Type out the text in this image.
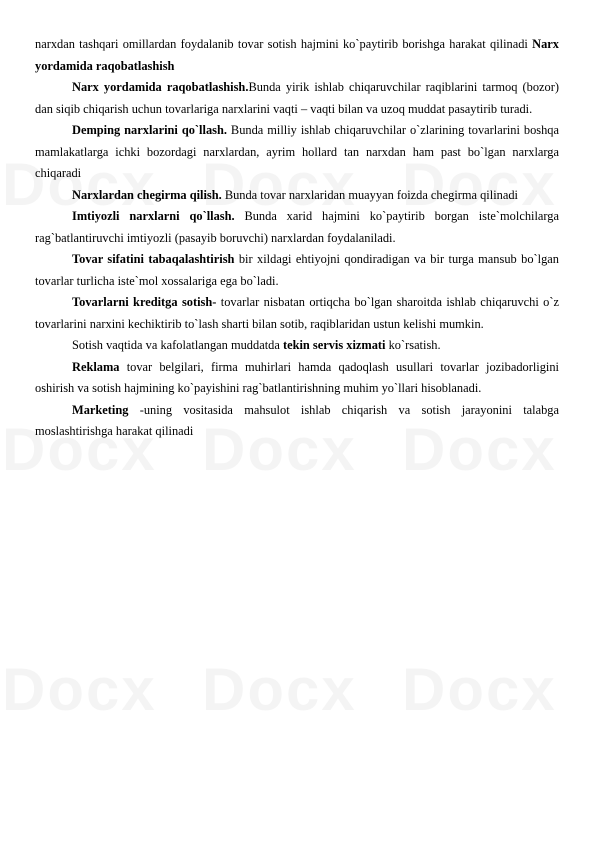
narxdan tashqari omillardan foydalanib tovar sotish hajmini ko`paytirib borishga harakat qilinadi Narx yordamida raqobatlashish

Narx yordamida raqobatlashish.Bunda yirik ishlab chiqaruvchilar raqiblarini tarmoq (bozor) dan siqib chiqarish uchun tovarlariga narxlarini vaqti – vaqti bilan va uzoq muddat pasaytirib turadi.

Demping narxlarini qo`llash. Bunda milliy ishlab chiqaruvchilar o`zlarining tovarlarini boshqa mamlakatlarga ichki bozordagi narxlardan, ayrim hollard tan narxdan ham past bo`lgan narxlarga chiqaradi

Narxlardan chegirma qilish. Bunda tovar narxlaridan muayyan foizda chegirma qilinadi

Imtiyozli narxlarni qo`llash. Bunda xarid hajmini ko`paytirib borgan iste`molchilarga rag`batlantiruvchi imtiyozli (pasayib boruvchi) narxlardan foydalaniladi.

Tovar sifatini tabaqalashtirish bir xildagi ehtiyojni qondiradigan va bir turga mansub bo`lgan tovarlar turlicha iste`mol xossalariga ega bo`ladi.

Tovarlarni kreditga sotish- tovarlar nisbatan ortiqcha bo`lgan sharoitda ishlab chiqaruvchi o`z tovarlarini narxini kechiktirib to`lash sharti bilan sotib, raqiblaridan ustun kelishi mumkin.

Sotish vaqtida va kafolatlangan muddatda tekin servis xizmati ko`rsatish.

Reklama tovar belgilari, firma muhirlari hamda qadoqlash usullari tovarlar jozibadorligini oshirish va sotish hajmining ko`payishini rag`batlantirishning muhim yo`llari hisoblanadi.

Marketing -uning vositasida mahsulot ishlab chiqarish va sotish jarayonini talabga moslashtirishga harakat qilinadi
